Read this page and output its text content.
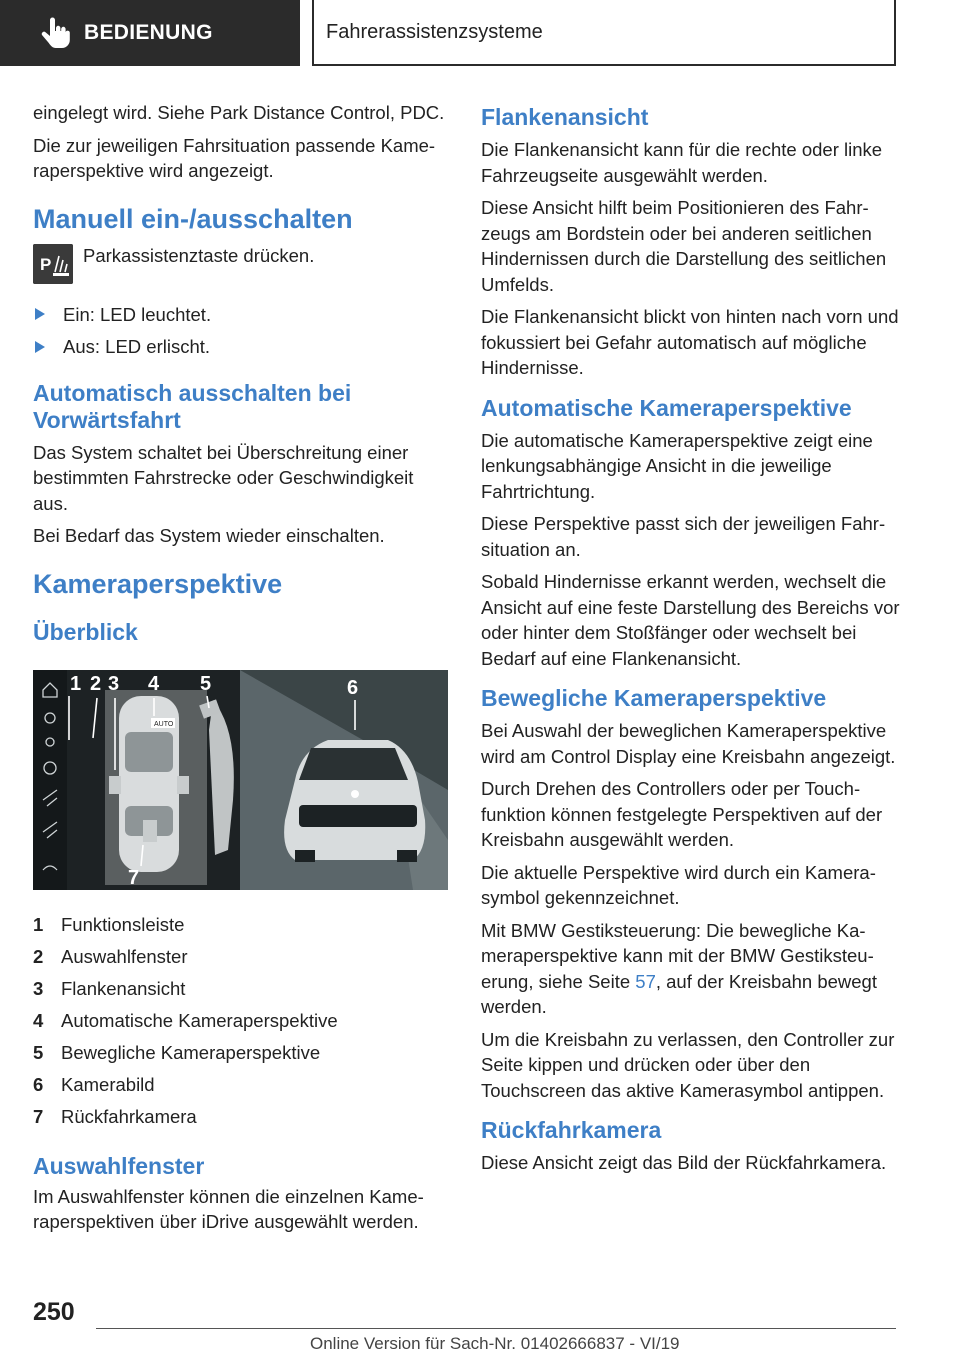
BEDIENUNG	Fahrerassistenzsysteme

eingelegt wird. Siehe Park Distance Control, PDC.

Die zur jeweiligen Fahrsituation passende Kameraperspektive wird angezeigt.

Manuell ein-/ausschalten
P Parkassistenztaste drücken.

Ein: LED leuchtet.

Aus: LED erlischt.

Automatisch ausschalten bei Vorwärtsfahrt

Das System schaltet bei Überschreitung einer bestimmten Fahrstrecke oder Geschwindigkeit aus.

Bei Bedarf das System wieder einschalten.

Kameraperspektive
Überblick
AUTO
1 2 3 4 5	6
7
1 Funktionsleiste
2 Auswahlfenster
3 Flankenansicht
4 Automatische Kameraperspektive
5 Bewegliche Kameraperspektive
6 Kamerabild
7 Rückfahrkamera
Auswahlfenster

Im Auswahlfenster können die einzelnen Kameraperspektiven über iDrive ausgewählt werden.

Flankenansicht

Die Flankenansicht kann für die rechte oder linke Fahrzeugseite ausgewählt werden.

Diese Ansicht hilft beim Positionieren des Fahrzeugs am Bordstein oder bei anderen seitlichen Hindernissen durch die Darstellung des seitlichen Umfelds.

Die Flankenansicht blickt von hinten nach vorn und fokussiert bei Gefahr automatisch auf mögliche Hindernisse.

Automatische Kameraperspektive

Die automatische Kameraperspektive zeigt eine lenkungsabhängige Ansicht in die jeweilige Fahrtrichtung.

Diese Perspektive passt sich der jeweiligen Fahrsituation an.

Sobald Hindernisse erkannt werden, wechselt die Ansicht auf eine feste Darstellung des Bereichs vor oder hinter dem Stoßfänger oder wechselt bei Bedarf auf eine Flankenansicht.

Bewegliche Kameraperspektive

Bei Auswahl der beweglichen Kameraperspektive wird am Control Display eine Kreisbahn angezeigt.

Durch Drehen des Controllers oder per Touchfunktion können festgelegte Perspektiven auf der Kreisbahn ausgewählt werden.

Die aktuelle Perspektive wird durch ein Kamerasymbol gekennzeichnet.

Mit BMW Gestiksteuerung: Die bewegliche Kameraperspektive kann mit der BMW Gestiksteuerung, siehe Seite 57, auf der Kreisbahn bewegt werden.

Um die Kreisbahn zu verlassen, den Controller zur Seite kippen und drücken oder über den Touchscreen das aktive Kamerasymbol antippen.

Rückfahrkamera

Diese Ansicht zeigt das Bild der Rückfahrkamera.

250
Online Version für Sach-Nr. 01402666837 - VI/19
